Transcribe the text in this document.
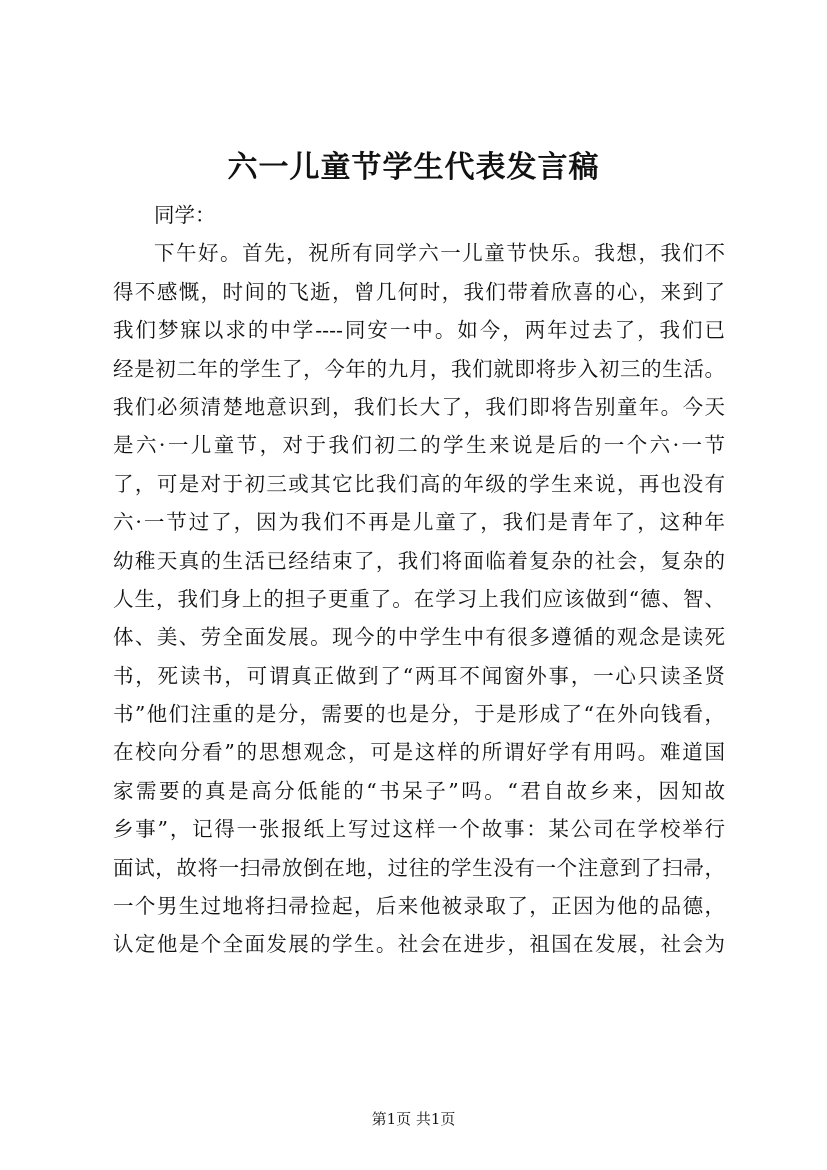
六一儿童节学生代表发言稿
同学：
下午好。首先，祝所有同学六一儿童节快乐。我想，我们不
得不感慨，时间的飞逝，曾几何时，我们带着欣喜的心，来到了
我们梦寐以求的中学----同安一中。如今，两年过去了，我们已
经是初二年的学生了，今年的九月，我们就即将步入初三的生活。
我们必须清楚地意识到，我们长大了，我们即将告别童年。今天
是六·一儿童节，对于我们初二的学生来说是后的一个六·一节
了，可是对于初三或其它比我们高的年级的学生来说，再也没有
六·一节过了，因为我们不再是儿童了，我们是青年了，这种年
幼稚天真的生活已经结束了，我们将面临着复杂的社会，复杂的
人生，我们身上的担子更重了。在学习上我们应该做到“德、智、
体、美、劳全面发展。现今的中学生中有很多遵循的观念是读死
书，死读书，可谓真正做到了“两耳不闻窗外事，一心只读圣贤
书”他们注重的是分，需要的也是分，于是形成了“在外向钱看，
在校向分看”的思想观念，可是这样的所谓好学有用吗。难道国
家需要的真是高分低能的“书呆子”吗。“君自故乡来，因知故
乡事”，记得一张报纸上写过这样一个故事：某公司在学校举行
面试，故将一扫帚放倒在地，过往的学生没有一个注意到了扫帚，
一个男生过地将扫帚捡起，后来他被录取了，正因为他的品德，
认定他是个全面发展的学生。社会在进步，祖国在发展，社会为
第1页 共1页
